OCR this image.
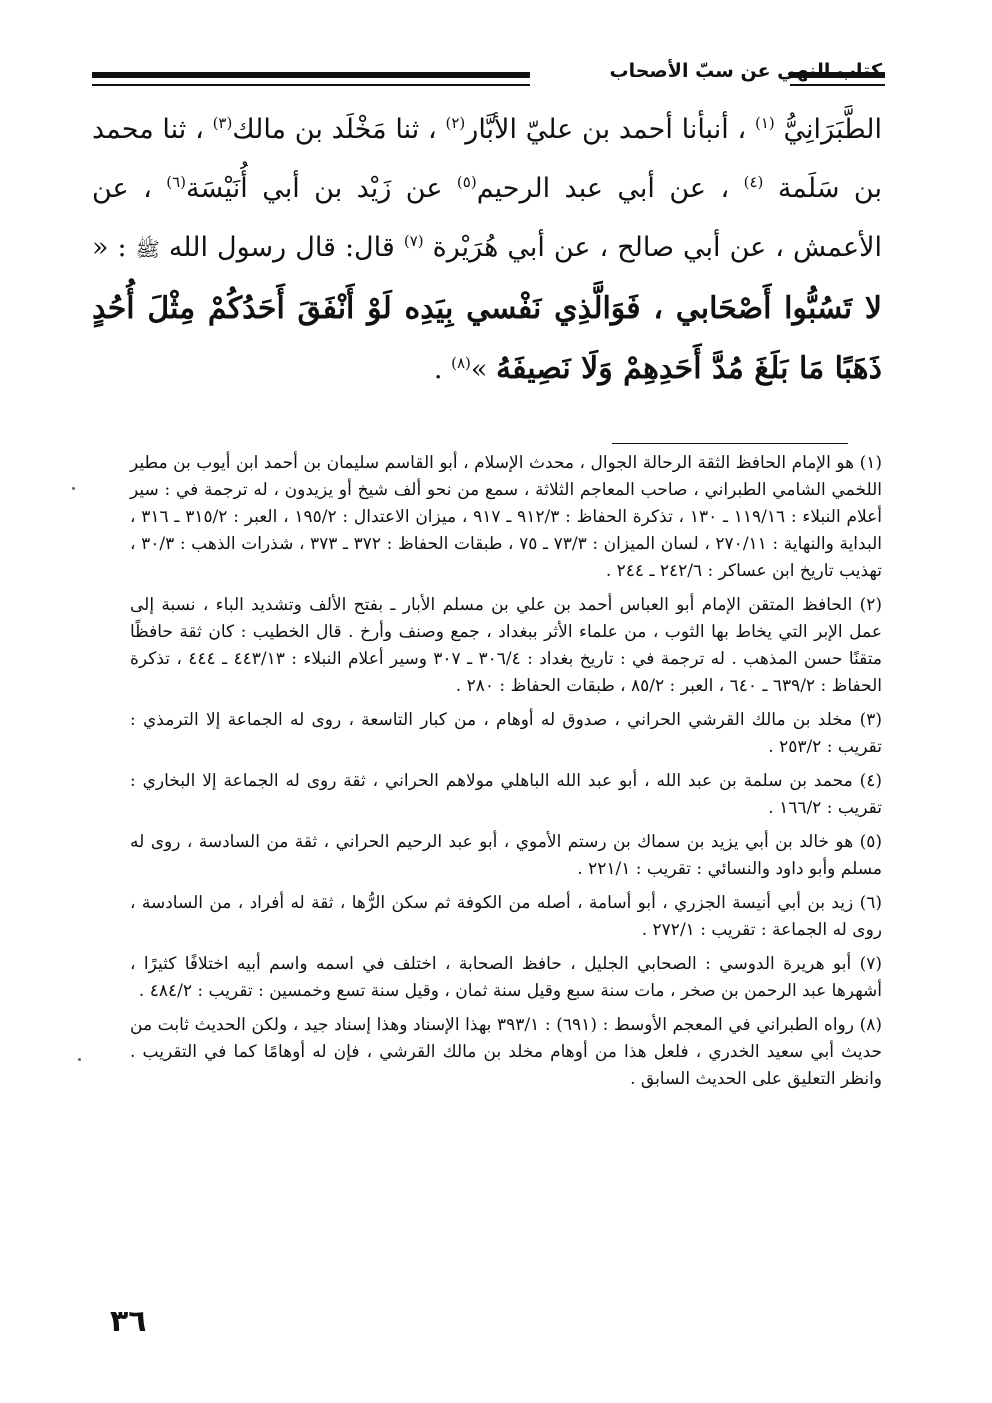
كتاب النهي عن سبّ الأصحاب

الطَّبَرَانِيُّ $^{(١)}$ ، أنبأنا أحمد بن عليّ الأبَّار$^{(٢)}$ ، ثنا مَخْلَد بن مالك$^{(٣)}$ ، ثنا محمد بن سَلَمة $^{(٤)}$ ، عن أبي عبد الرحيم$^{(٥)}$ عن زَيْد بن أبي أُنَيْسَة$^{(٦)}$ ، عن الأعمش ، عن أبي صالح ، عن أبي هُرَيْرة $^{(٧)}$ قال: قال رسول الله ﷺ : « لا تَسُبُّوا أَصْحَابي ، فَوَالَّذِي نَفْسي بِيَدِه لَوْ أَنْفَقَ أَحَدُكُمْ مِثْلَ أُحُدٍ ذَهَبًا مَا بَلَغَ مُدَّ أَحَدِهِمْ وَلَا نَصِيفَهُ »$^{(٨)}$ .

(١) هو الإمام الحافظ الثقة الرحالة الجوال ، محدث الإسلام ، أبو القاسم سليمان بن أحمد ابن أيوب بن مطير اللخمي الشامي الطبراني ، صاحب المعاجم الثلاثة ، سمع من نحو ألف شيخ أو يزيدون ، له ترجمة في : سير أعلام النبلاء : ١١٩/١٦ ـ ١٣٠ ، تذكرة الحفاظ : ٩١٢/٣ ـ ٩١٧ ، ميزان الاعتدال : ١٩٥/٢ ، العبر : ٣١٥/٢ ـ ٣١٦ ، البداية والنهاية : ٢٧٠/١١ ، لسان الميزان : ٧٣/٣ ـ ٧٥ ، طبقات الحفاظ : ٣٧٢ ـ ٣٧٣ ، شذرات الذهب : ٣٠/٣ ، تهذيب تاريخ ابن عساكر : ٢٤٢/٦ ـ ٢٤٤ .

(٢) الحافظ المتقن الإمام أبو العباس أحمد بن علي بن مسلم الأبار ـ بفتح الألف وتشديد الباء ، نسبة إلى عمل الإبر التي يخاط بها الثوب ، من علماء الأثر ببغداد ، جمع وصنف وأرخ . قال الخطيب : كان ثقة حافظًا متقنًا حسن المذهب . له ترجمة في : تاريخ بغداد : ٣٠٦/٤ ـ ٣٠٧ وسير أعلام النبلاء : ٤٤٣/١٣ ـ ٤٤٤ ، تذكرة الحفاظ : ٦٣٩/٢ ـ ٦٤٠ ، العبر : ٨٥/٢ ، طبقات الحفاظ : ٢٨٠ .

(٣) مخلد بن مالك القرشي الحراني ، صدوق له أوهام ، من كبار التاسعة ، روى له الجماعة إلا الترمذي : تقريب : ٢٥٣/٢ .

(٤) محمد بن سلمة بن عبد الله ، أبو عبد الله الباهلي مولاهم الحراني ، ثقة روى له الجماعة إلا البخاري : تقريب : ١٦٦/٢ .

(٥) هو خالد بن أبي يزيد بن سماك بن رستم الأموي ، أبو عبد الرحيم الحراني ، ثقة من السادسة ، روى له مسلم وأبو داود والنسائي : تقريب : ٢٢١/١ .

(٦) زيد بن أبي أنيسة الجزري ، أبو أسامة ، أصله من الكوفة ثم سكن الرُّها ، ثقة له أفراد ، من السادسة ، روى له الجماعة : تقريب : ٢٧٢/١ .

(٧) أبو هريرة الدوسي : الصحابي الجليل ، حافظ الصحابة ، اختلف في اسمه واسم أبيه اختلافًا كثيرًا ، أشهرها عبد الرحمن بن صخر ، مات سنة سبع وقيل سنة ثمان ، وقيل سنة تسع وخمسين : تقريب : ٤٨٤/٢ .

(٨) رواه الطبراني في المعجم الأوسط : (٦٩١) : ٣٩٣/١ بهذا الإسناد وهذا إسناد جيد ، ولكن الحديث ثابت من حديث أبي سعيد الخدري ، فلعل هذا من أوهام مخلد بن مالك القرشي ، فإن له أوهامًا كما في التقريب . وانظر التعليق على الحديث السابق .

٣٦
